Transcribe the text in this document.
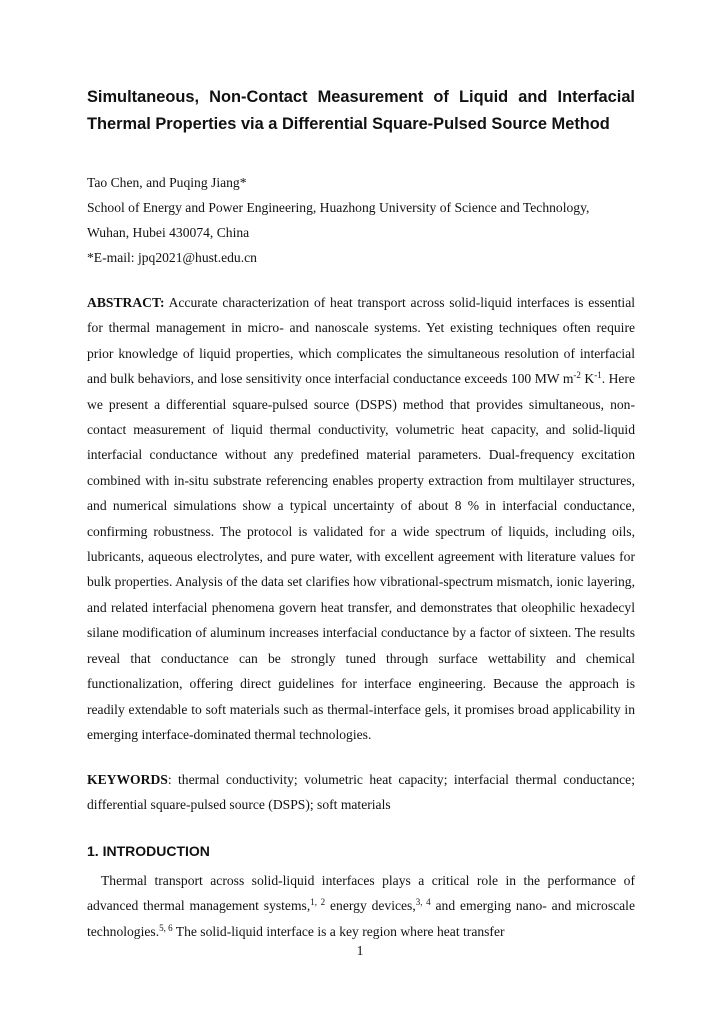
Simultaneous, Non-Contact Measurement of Liquid and Interfacial
Thermal Properties via a Differential Square-Pulsed Source Method
Tao Chen, and Puqing Jiang*
School of Energy and Power Engineering, Huazhong University of Science and Technology,
Wuhan, Hubei 430074, China
*E-mail: jpq2021@hust.edu.cn
ABSTRACT: Accurate characterization of heat transport across solid-liquid interfaces is essential for thermal management in micro- and nanoscale systems. Yet existing techniques often require prior knowledge of liquid properties, which complicates the simultaneous resolution of interfacial and bulk behaviors, and lose sensitivity once interfacial conductance exceeds 100 MW $m^{-2}$ $K^{-1}$. Here we present a differential square-pulsed source (DSPS) method that provides simultaneous, non-contact measurement of liquid thermal conductivity, volumetric heat capacity, and solid-liquid interfacial conductance without any predefined material parameters. Dual-frequency excitation combined with in-situ substrate referencing enables property extraction from multilayer structures, and numerical simulations show a typical uncertainty of about 8 % in interfacial conductance, confirming robustness. The protocol is validated for a wide spectrum of liquids, including oils, lubricants, aqueous electrolytes, and pure water, with excellent agreement with literature values for bulk properties. Analysis of the data set clarifies how vibrational-spectrum mismatch, ionic layering, and related interfacial phenomena govern heat transfer, and demonstrates that oleophilic hexadecyl silane modification of aluminum increases interfacial conductance by a factor of sixteen. The results reveal that conductance can be strongly tuned through surface wettability and chemical functionalization, offering direct guidelines for interface engineering. Because the approach is readily extendable to soft materials such as thermal-interface gels, it promises broad applicability in emerging interface-dominated thermal technologies.
KEYWORDS: thermal conductivity; volumetric heat capacity; interfacial thermal conductance; differential square-pulsed source (DSPS); soft materials
1. INTRODUCTION
Thermal transport across solid-liquid interfaces plays a critical role in the performance of advanced thermal management systems,$^{1, 2}$ energy devices,$^{3, 4}$ and emerging nano- and microscale technologies.$^{5, 6}$ The solid-liquid interface is a key region where heat transfer
1
